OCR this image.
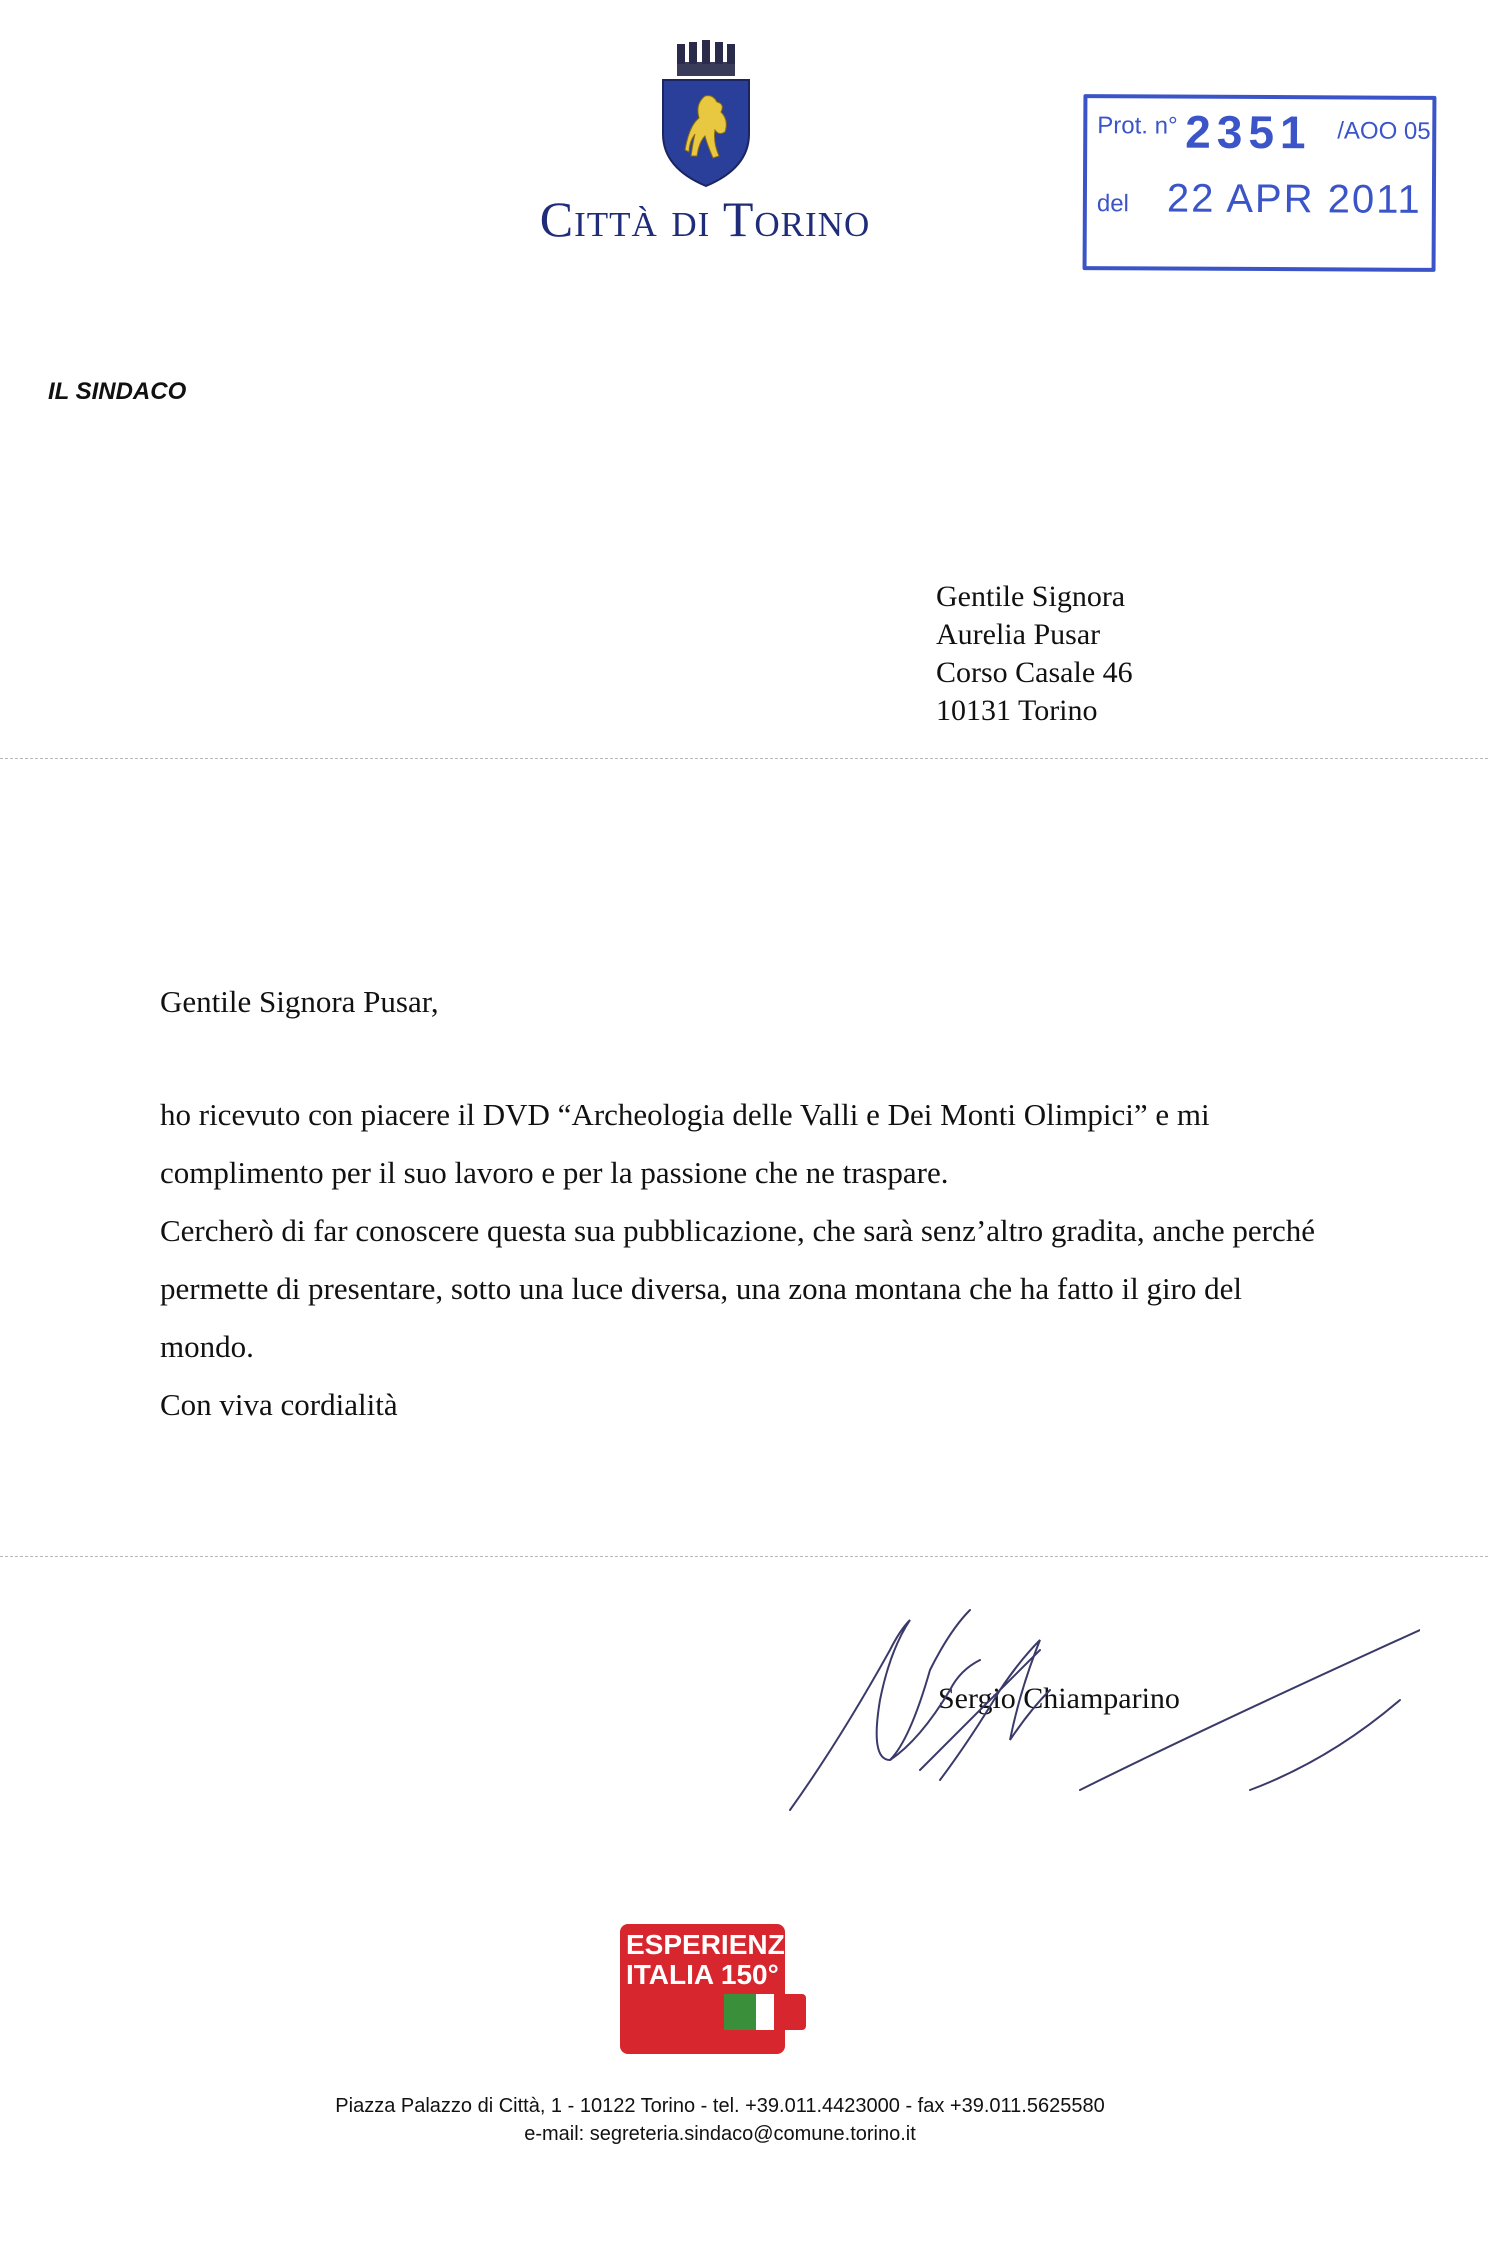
Città di Torino
Prot. n° 2351 /AOO 05
del 22 APR 2011
IL SINDACO
Gentile Signora
Aurelia Pusar
Corso Casale 46
10131 Torino
Gentile Signora Pusar,

ho ricevuto con piacere il DVD “Archeologia delle Valli e Dei Monti Olimpici” e mi complimento per il suo lavoro e per la passione che ne traspare.

Cercherò di far conoscere questa sua pubblicazione, che sarà senz’altro gradita, anche perché permette di presentare, sotto una luce diversa, una zona montana che ha fatto il giro del mondo.

Con viva cordialità

Sergio Chiamparino
ESPERIENZA
ITALIA 150°
Piazza Palazzo di Città, 1 - 10122 Torino - tel. +39.011.4423000 - fax +39.011.5625580
e-mail: segreteria.sindaco@comune.torino.it
